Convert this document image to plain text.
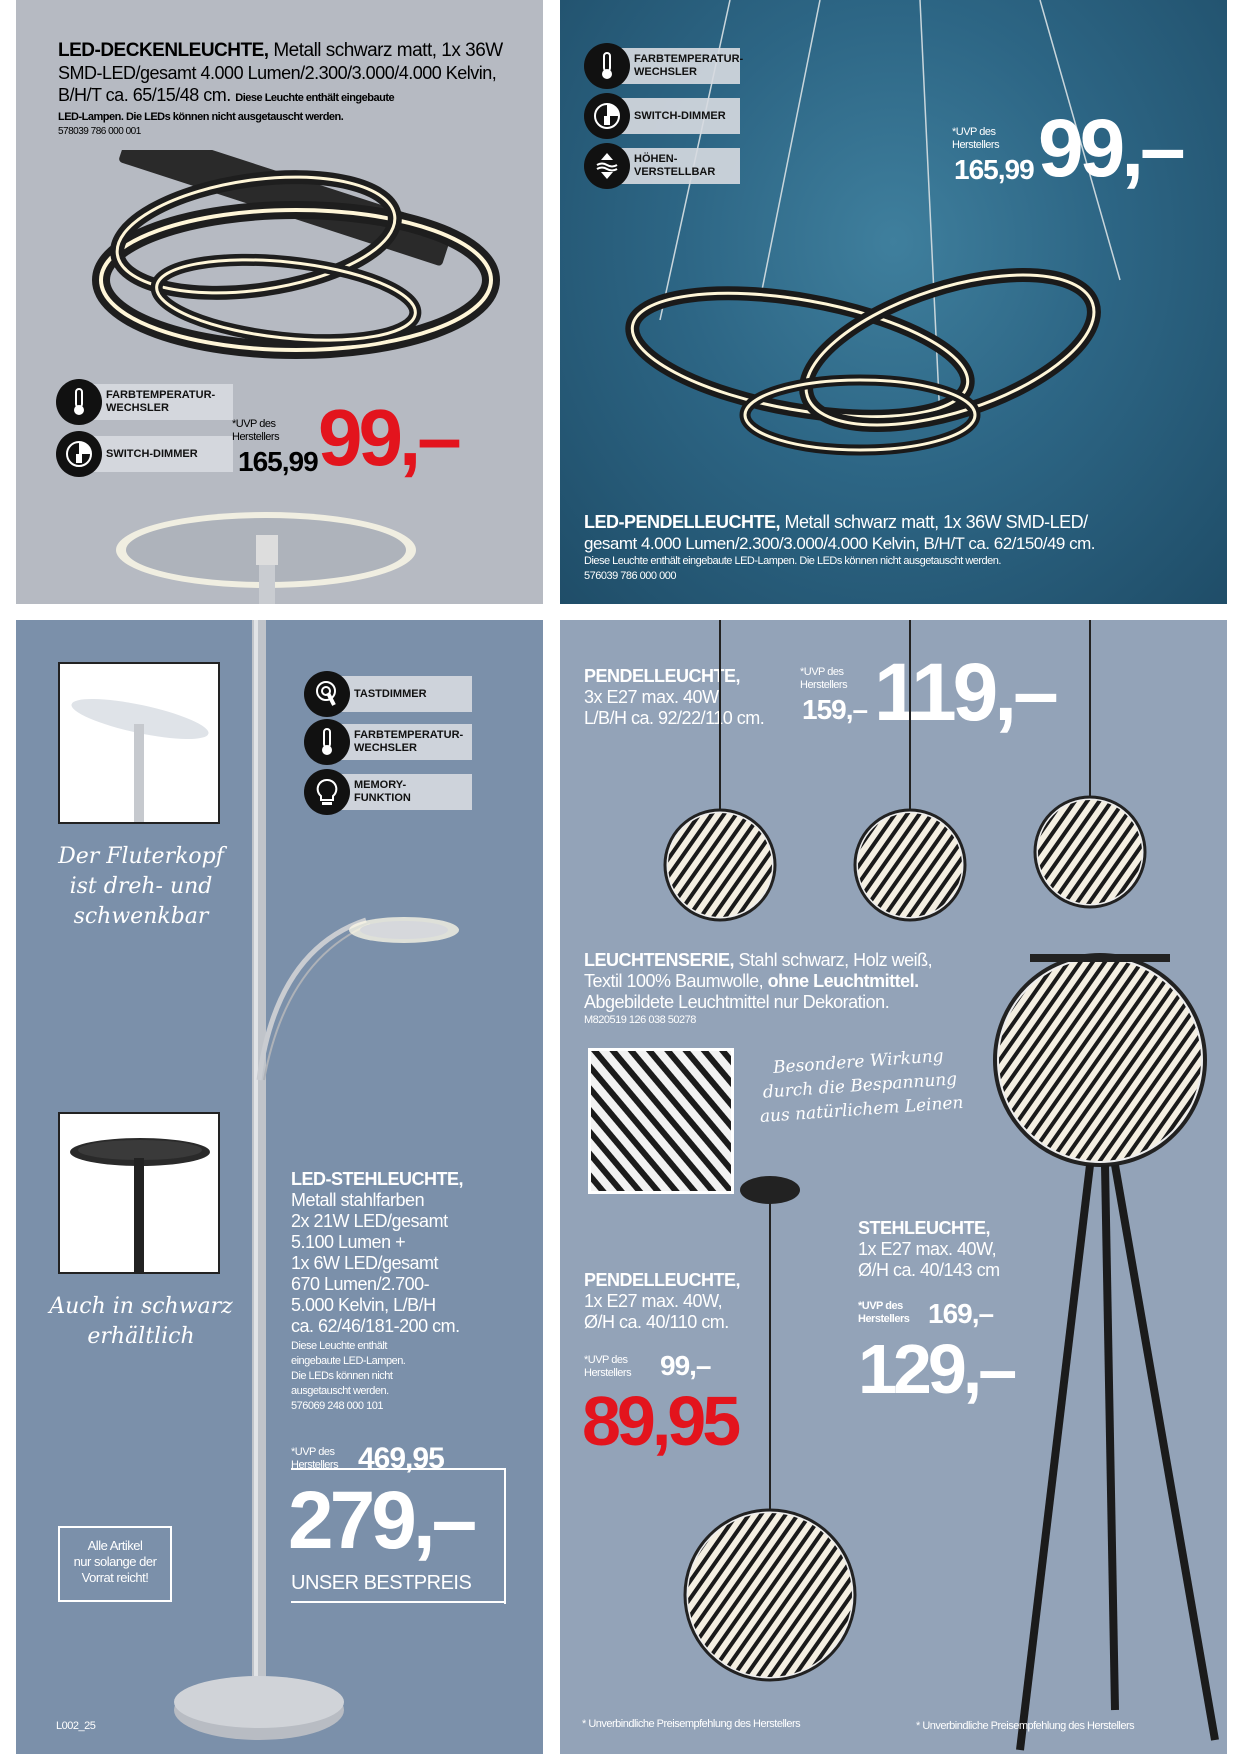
LED-DECKENLEUCHTE, Metall schwarz matt, 1x 36W
SMD-LED/gesamt 4.000 Lumen/2.300/3.000/4.000 Kelvin,
B/H/T ca. 65/15/48 cm. Diese Leuchte enthält eingebaute
LED-Lampen. Die LEDs können nicht ausgetauscht werden.
578039 786 000 001
FARBTEMPERATUR-
WECHSLER
SWITCH-DIMMER
*UVP des
Herstellers
165,99 99,–
FARBTEMPERATUR-
WECHSLER
SWITCH-DIMMER
HÖHEN-
VERSTELLBAR
*UVP des
Herstellers
165,99 99,–
LED-PENDELLEUCHTE, Metall schwarz matt, 1x 36W SMD-LED/
gesamt 4.000 Lumen/2.300/3.000/4.000 Kelvin, B/H/T ca. 62/150/49 cm.
Diese Leuchte enthält eingebaute LED-Lampen. Die LEDs können nicht ausgetauscht werden.
576039 786 000 000
Der Fluterkopf
ist dreh- und
schwenkbar
Auch in schwarz
erhältlich
TASTDIMMER
FARBTEMPERATUR-
WECHSLER
MEMORY-
FUNKTION
LED-STEHLEUCHTE,
Metall stahlfarben
2x 21W LED/gesamt
5.100 Lumen +
1x 6W LED/gesamt
670 Lumen/2.700-
5.000 Kelvin, L/B/H
ca. 62/46/181-200 cm.
Diese Leuchte enthält
eingebaute LED-Lampen.
Die LEDs können nicht
ausgetauscht werden.
576069 248 000 101
*UVP des
Herstellers 469,95
279,–
UNSER BESTPREIS
Alle Artikel
nur solange der
Vorrat reicht!
L002_25
PENDELLEUCHTE,
3x E27 max. 40W,
L/B/H ca. 92/22/110 cm.
*UVP des
Herstellers
159,– 119,–
LEUCHTENSERIE, Stahl schwarz, Holz weiß,
Textil 100% Baumwolle, ohne Leuchtmittel.
Abgebildete Leuchtmittel nur Dekoration.
M820519 126 038 50278
Besondere Wirkung
durch die Bespannung
aus natürlichem Leinen
STEHLEUCHTE,
1x E27 max. 40W,
Ø/H ca. 40/143 cm
*UVP des
Herstellers 169,–
129,–
PENDELLEUCHTE,
1x E27 max. 40W,
Ø/H ca. 40/110 cm.
*UVP des
Herstellers 99,–
89,95
* Unverbindliche Preisempfehlung des Herstellers	* Unverbindliche Preisempfehlung des Herstellers
